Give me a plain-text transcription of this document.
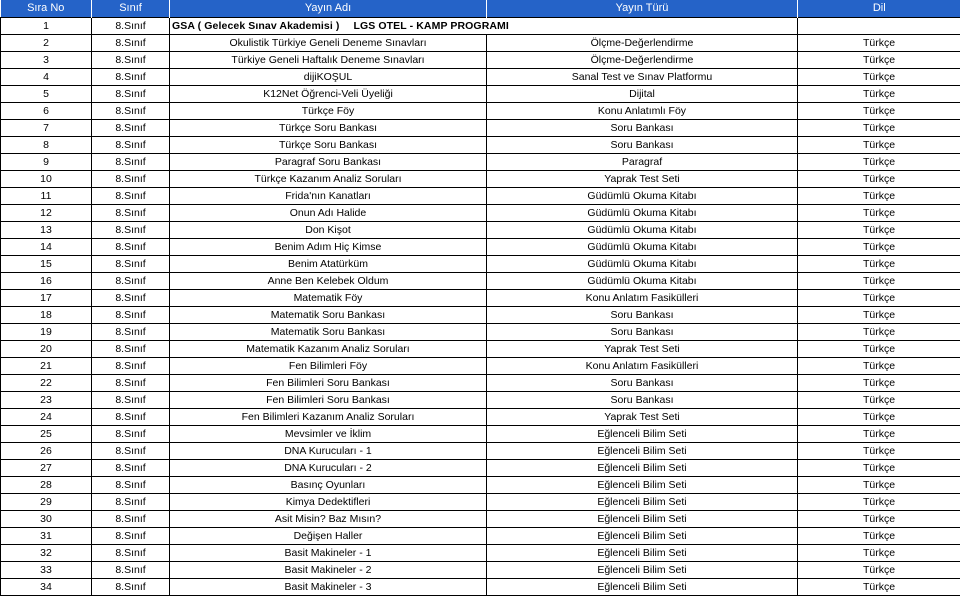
Sıra No	Sınıf	Yayın Adı	Yayın Türü	Dil
1	8.Sınıf	GSA ( Gelecek Sınav Akademisi ) LGS OTEL - KAMP PROGRAMI		
2	8.Sınıf	Okulistik Türkiye Geneli Deneme Sınavları	Ölçme-Değerlendirme	Türkçe
3	8.Sınıf	Türkiye Geneli Haftalık Deneme Sınavları	Ölçme-Değerlendirme	Türkçe
4	8.Sınıf	dijiKOŞUL	Sanal Test ve Sınav Platformu	Türkçe
5	8.Sınıf	K12Net Öğrenci-Veli Üyeliği	Dijital	Türkçe
6	8.Sınıf	Türkçe Föy	Konu Anlatımlı Föy	Türkçe
7	8.Sınıf	Türkçe Soru Bankası	Soru Bankası	Türkçe
8	8.Sınıf	Türkçe Soru Bankası	Soru Bankası	Türkçe
9	8.Sınıf	Paragraf Soru Bankası	Paragraf	Türkçe
10	8.Sınıf	Türkçe Kazanım Analiz Soruları	Yaprak Test Seti	Türkçe
11	8.Sınıf	Frida'nın Kanatları	Güdümlü Okuma Kitabı	Türkçe
12	8.Sınıf	Onun Adı Halide	Güdümlü Okuma Kitabı	Türkçe
13	8.Sınıf	Don Kişot	Güdümlü Okuma Kitabı	Türkçe
14	8.Sınıf	Benim Adım Hiç Kimse	Güdümlü Okuma Kitabı	Türkçe
15	8.Sınıf	Benim Atatürküm	Güdümlü Okuma Kitabı	Türkçe
16	8.Sınıf	Anne Ben Kelebek Oldum	Güdümlü Okuma Kitabı	Türkçe
17	8.Sınıf	Matematik Föy	Konu Anlatım Fasikülleri	Türkçe
18	8.Sınıf	Matematik Soru Bankası	Soru Bankası	Türkçe
19	8.Sınıf	Matematik Soru Bankası	Soru Bankası	Türkçe
20	8.Sınıf	Matematik Kazanım Analiz Soruları	Yaprak Test Seti	Türkçe
21	8.Sınıf	Fen Bilimleri Föy	Konu Anlatım Fasikülleri	Türkçe
22	8.Sınıf	Fen Bilimleri Soru Bankası	Soru Bankası	Türkçe
23	8.Sınıf	Fen Bilimleri Soru Bankası	Soru Bankası	Türkçe
24	8.Sınıf	Fen Bilimleri Kazanım Analiz Soruları	Yaprak Test Seti	Türkçe
25	8.Sınıf	Mevsimler ve İklim	Eğlenceli Bilim Seti	Türkçe
26	8.Sınıf	DNA Kurucuları - 1	Eğlenceli Bilim Seti	Türkçe
27	8.Sınıf	DNA Kurucuları - 2	Eğlenceli Bilim Seti	Türkçe
28	8.Sınıf	Basınç Oyunları	Eğlenceli Bilim Seti	Türkçe
29	8.Sınıf	Kimya Dedektifleri	Eğlenceli Bilim Seti	Türkçe
30	8.Sınıf	Asit Misin? Baz Mısın?	Eğlenceli Bilim Seti	Türkçe
31	8.Sınıf	Değişen Haller	Eğlenceli Bilim Seti	Türkçe
32	8.Sınıf	Basit Makineler - 1	Eğlenceli Bilim Seti	Türkçe
33	8.Sınıf	Basit Makineler - 2	Eğlenceli Bilim Seti	Türkçe
34	8.Sınıf	Basit Makineler - 3	Eğlenceli Bilim Seti	Türkçe
